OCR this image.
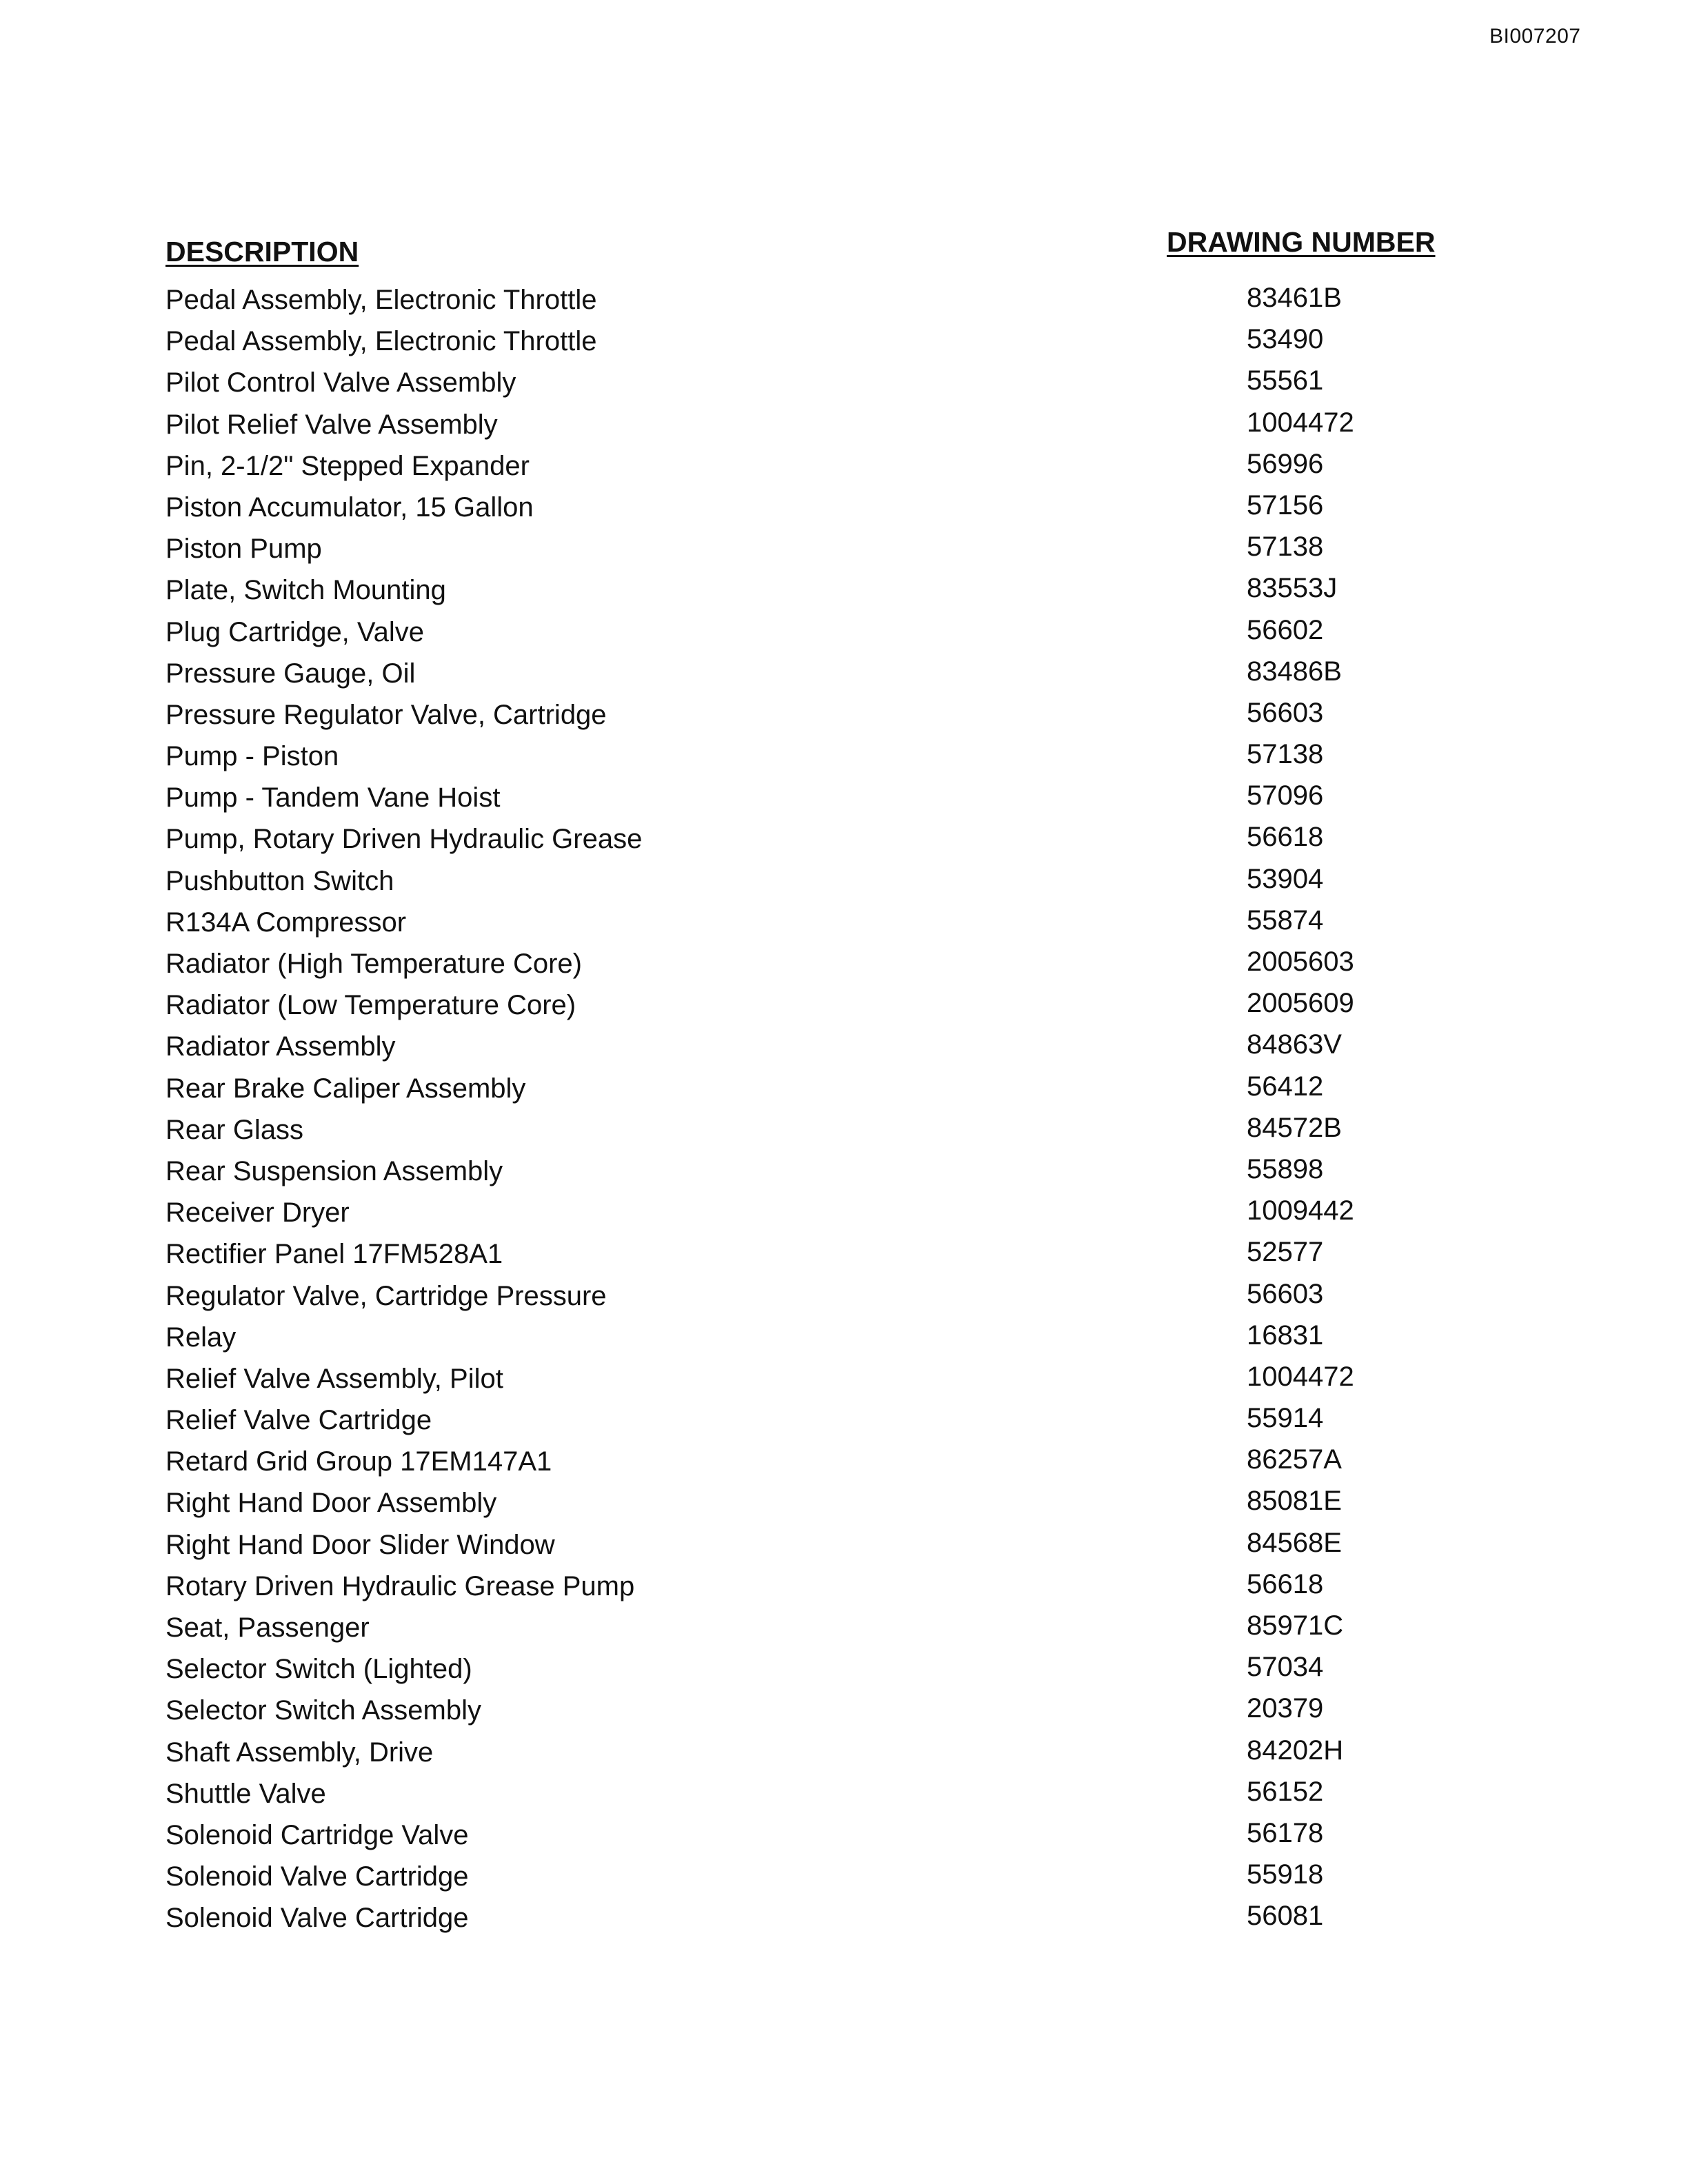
BI007207
DESCRIPTION	DRAWING NUMBER
Pedal Assembly, Electronic Throttle	83461B
Pedal Assembly, Electronic Throttle	53490
Pilot Control Valve Assembly	55561
Pilot Relief Valve Assembly	1004472
Pin, 2-1/2" Stepped Expander	56996
Piston Accumulator, 15 Gallon	57156
Piston Pump	57138
Plate, Switch Mounting	83553J
Plug Cartridge, Valve	56602
Pressure Gauge, Oil	83486B
Pressure Regulator Valve, Cartridge	56603
Pump - Piston	57138
Pump - Tandem Vane Hoist	57096
Pump, Rotary Driven Hydraulic Grease	56618
Pushbutton Switch	53904
R134A Compressor	55874
Radiator (High Temperature Core)	2005603
Radiator (Low Temperature Core)	2005609
Radiator Assembly	84863V
Rear Brake Caliper Assembly	56412
Rear Glass	84572B
Rear Suspension Assembly	55898
Receiver Dryer	1009442
Rectifier Panel 17FM528A1	52577
Regulator Valve, Cartridge Pressure	56603
Relay	16831
Relief Valve Assembly, Pilot	1004472
Relief Valve Cartridge	55914
Retard Grid Group 17EM147A1	86257A
Right Hand Door Assembly	85081E
Right Hand Door Slider Window	84568E
Rotary Driven Hydraulic Grease Pump	56618
Seat, Passenger	85971C
Selector Switch (Lighted)	57034
Selector Switch Assembly	20379
Shaft Assembly, Drive	84202H
Shuttle Valve	56152
Solenoid Cartridge Valve	56178
Solenoid Valve Cartridge	55918
Solenoid Valve Cartridge	56081
